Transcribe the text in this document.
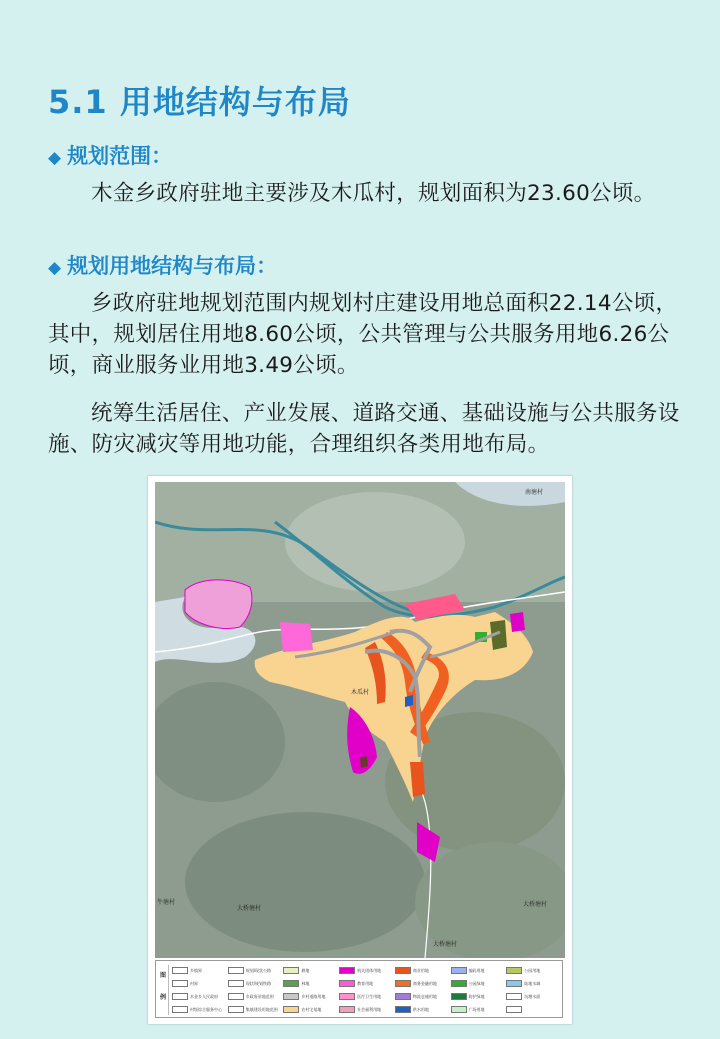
5.1 用地结构与布局
◆ 规划范围：
木金乡政府驻地主要涉及木瓜村，规划面积为23.60公顷。
◆ 规划用地结构与布局：
乡政府驻地规划范围内规划村庄建设用地总面积22.14公顷，其中，规划居住用地8.60公顷，公共管理与公共服务用地6.26公顷，商业服务业用地3.49公顷。
统筹生活居住、产业发展、道路交通、基础设施与公共服务设施、防灾减灾等用地功能，合理组织各类用地布局。
南塘村
木瓜村
牛塘村
大桥塘村
大桥塘村
大桥塘村
图例
乡镇界	规划/现状公路	耕地	机关团体用地	商业用地	编码用地	公园用地
村界	现状/规划铁路	林地	教育用地	商务金融用地	公园绿地	陆地水域
木金乡人民政府	乡政府驻地范围	乡村道路用地	医疗卫生用地	物流仓储用地	防护绿地	坑塘水面
村级综合服务中心	集镇建设用地范围	农村宅基地	社会福利用地	供水用地	广场用地
